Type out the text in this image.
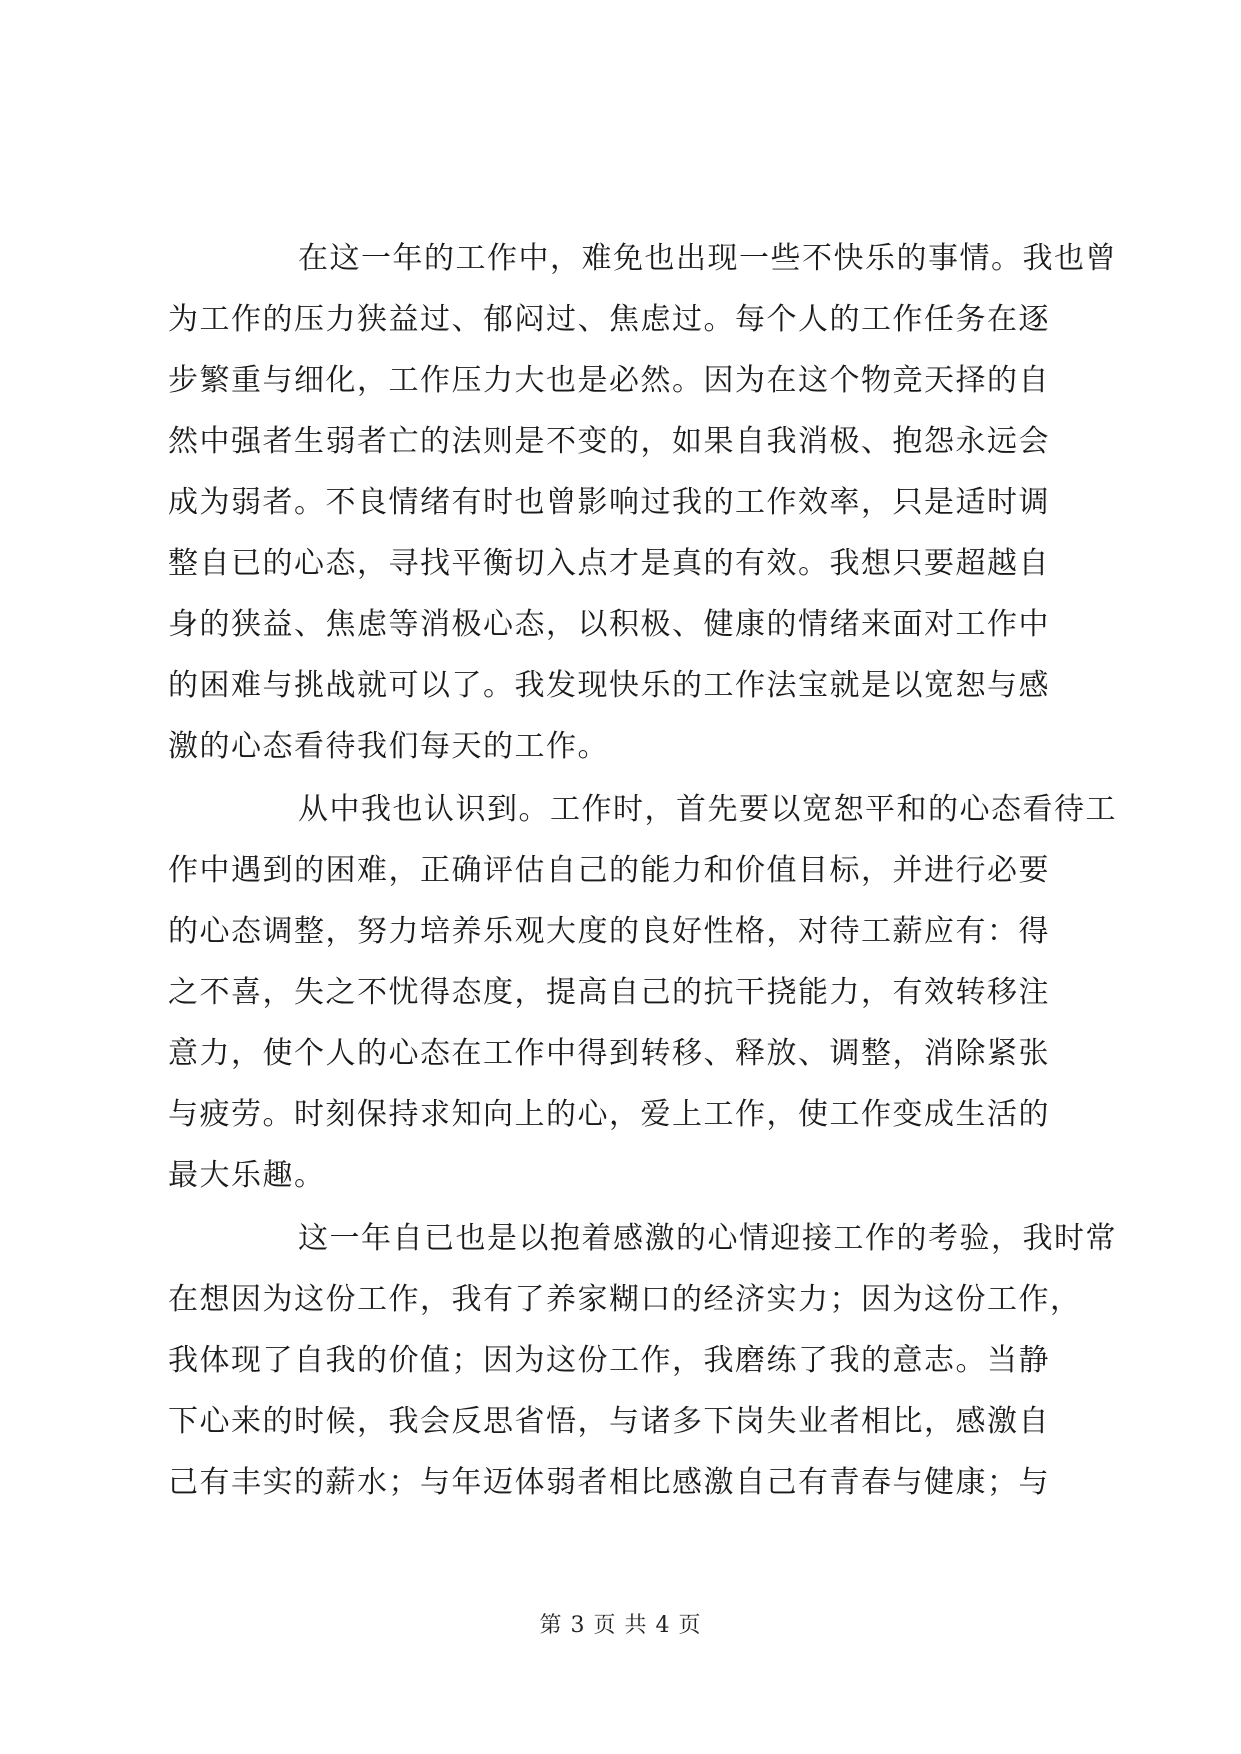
在这一年的工作中，难免也出现一些不快乐的事情。我也曾
为工作的压力狭益过、郁闷过、焦虑过。每个人的工作任务在逐
步繁重与细化，工作压力大也是必然。因为在这个物竞天择的自
然中强者生弱者亡的法则是不变的，如果自我消极、抱怨永远会
成为弱者。不良情绪有时也曾影响过我的工作效率，只是适时调
整自已的心态，寻找平衡切入点才是真的有效。我想只要超越自
身的狭益、焦虑等消极心态，以积极、健康的情绪来面对工作中
的困难与挑战就可以了。我发现快乐的工作法宝就是以宽恕与感
激的心态看待我们每天的工作。
从中我也认识到。工作时，首先要以宽恕平和的心态看待工
作中遇到的困难，正确评估自己的能力和价值目标，并进行必要
的心态调整，努力培养乐观大度的良好性格，对待工薪应有：得
之不喜，失之不忧得态度，提高自己的抗干挠能力，有效转移注
意力，使个人的心态在工作中得到转移、释放、调整，消除紧张
与疲劳。时刻保持求知向上的心，爱上工作，使工作变成生活的
最大乐趣。
这一年自已也是以抱着感激的心情迎接工作的考验，我时常
在想因为这份工作，我有了养家糊口的经济实力；因为这份工作，
我体现了自我的价值；因为这份工作，我磨练了我的意志。当静
下心来的时候，我会反思省悟，与诸多下岗失业者相比，感激自
己有丰实的薪水；与年迈体弱者相比感激自己有青春与健康；与
第 3 页 共 4 页
